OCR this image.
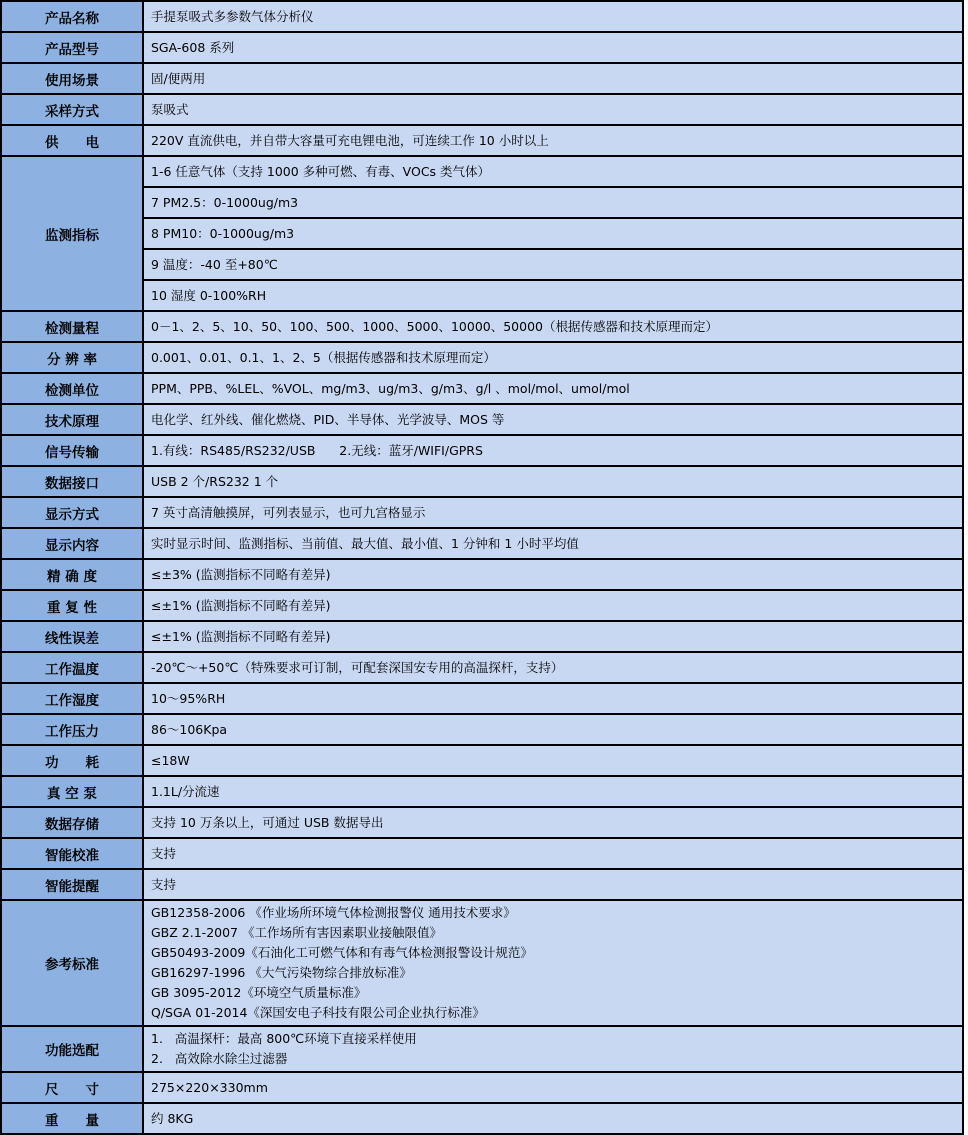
产品名称	手提泵吸式多参数气体分析仪

产品型号	SGA-608 系列

使用场景	固/便两用

采样方式	泵吸式

供　　电	220V 直流供电，并自带大容量可充电锂电池，可连续工作 10 小时以上

监测指标	1-6 任意气体（支持 1000 多种可燃、有毒、VOCs 类气体）

	7 PM2.5：0-1000ug/m3

	8 PM10：0-1000ug/m3

	9 温度：-40 至+80℃

	10 湿度 0-100%RH

检测量程	0－1、2、5、10、50、100、500、1000、5000、10000、50000（根据传感器和技术原理而定）

分 辨 率	0.001、0.01、0.1、1、2、5（根据传感器和技术原理而定）

检测单位	PPM、PPB、%LEL、%VOL、mg/m3、ug/m3、g/m3、g/l 、mol/mol、umol/mol

技术原理	电化学、红外线、催化燃烧、PID、半导体、光学波导、MOS 等

信号传输	1.有线：RS485/RS232/USB      2.无线：蓝牙/WIFI/GPRS

数据接口	USB 2 个/RS232 1 个

显示方式	7 英寸高清触摸屏，可列表显示，也可九宫格显示

显示内容	实时显示时间、监测指标、当前值、最大值、最小值、1 分钟和 1 小时平均值

精 确 度	≤±3% (监测指标不同略有差异)

重 复 性	≤±1% (监测指标不同略有差异)

线性误差	≤±1% (监测指标不同略有差异)

工作温度	-20℃～+50℃（特殊要求可订制，可配套深国安专用的高温探杆，支持）

工作湿度	10～95%RH

工作压力	86～106Kpa

功　　耗	≤18W

真 空 泵	1.1L/分流速

数据存储	支持 10 万条以上，可通过 USB 数据导出

智能校准	支持

智能提醒	支持

参考标准	
GB12358-2006 《作业场所环境气体检测报警仪 通用技术要求》
GBZ 2.1-2007 《工作场所有害因素职业接触限值》
GB50493-2009《石油化工可燃气体和有毒气体检测报警设计规范》
GB16297-1996 《大气污染物综合排放标准》
GB 3095-2012《环境空气质量标准》
Q/SGA 01-2014《深国安电子科技有限公司企业执行标准》

功能选配	1.   高温探杆：最高 800℃环境下直接采样使用
2.   高效除水除尘过滤器

尺　　寸	275×220×330mm

重　　量	约 8KG
